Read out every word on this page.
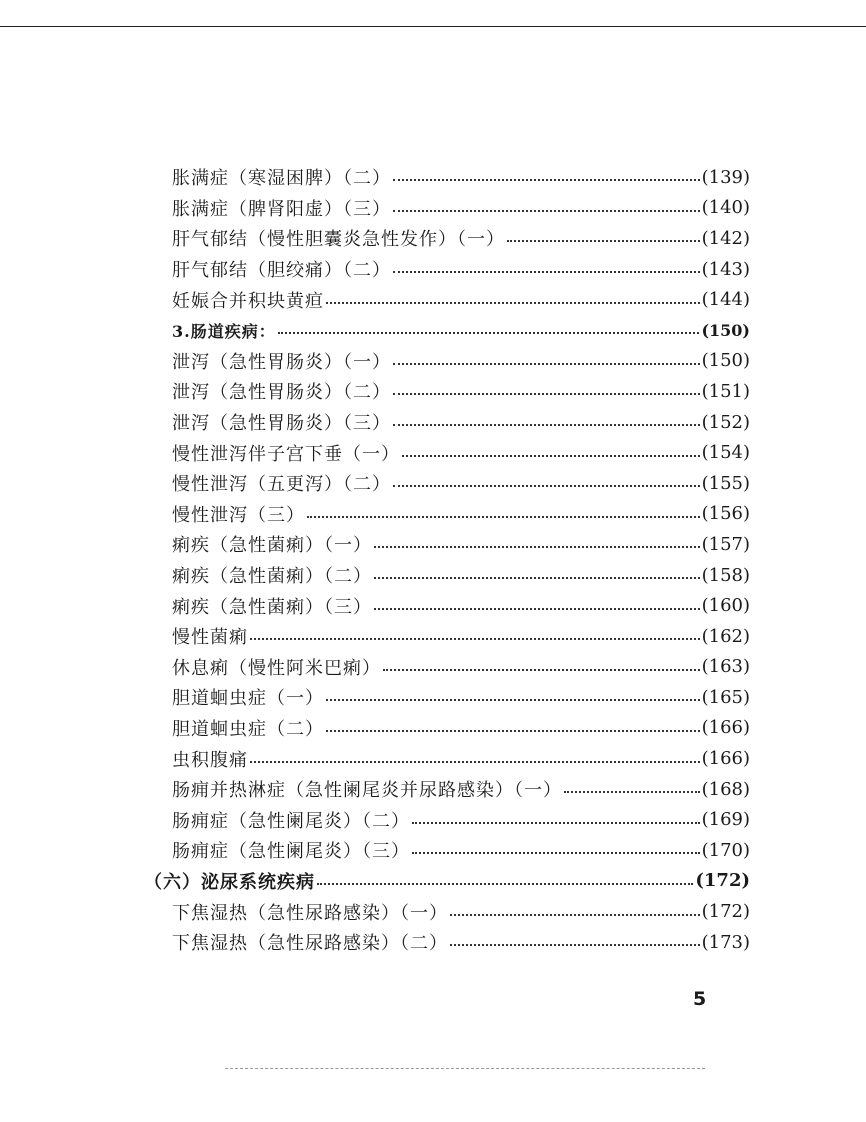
胀满症（寒湿困脾）（二）	(139)
胀满症（脾肾阳虚）（三）	(140)
肝气郁结（慢性胆囊炎急性发作）（一）	(142)
肝气郁结（胆绞痛）（二）	(143)
妊娠合并积块黄疸	(144)
3.肠道疾病：	(150)
泄泻（急性胃肠炎）（一）	(150)
泄泻（急性胃肠炎）（二）	(151)
泄泻（急性胃肠炎）（三）	(152)
慢性泄泻伴子宫下垂（一）	(154)
慢性泄泻（五更泻）（二）	(155)
慢性泄泻（三）	(156)
痢疾（急性菌痢）（一）	(157)
痢疾（急性菌痢）（二）	(158)
痢疾（急性菌痢）（三）	(160)
慢性菌痢	(162)
休息痢（慢性阿米巴痢）	(163)
胆道蛔虫症（一）	(165)
胆道蛔虫症（二）	(166)
虫积腹痛	(166)
肠痈并热淋症（急性阑尾炎并尿路感染）（一）	(168)
肠痈症（急性阑尾炎）（二）	(169)
肠痈症（急性阑尾炎）（三）	(170)
（六）泌尿系统疾病	(172)
下焦湿热（急性尿路感染）（一）	(172)
下焦湿热（急性尿路感染）（二）	(173)
5
